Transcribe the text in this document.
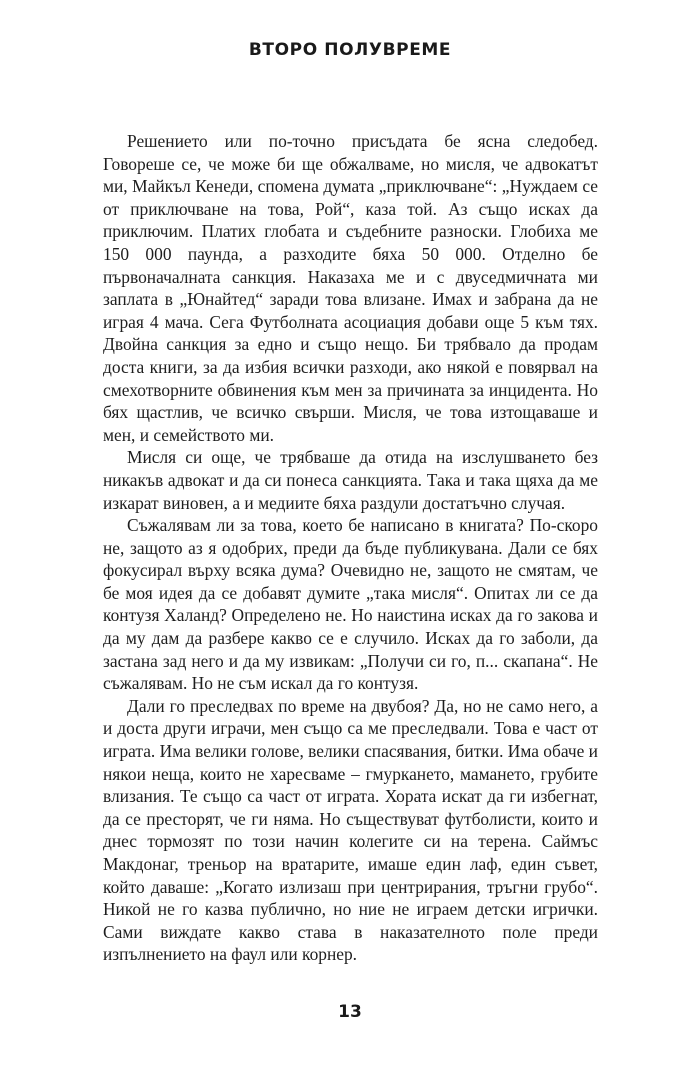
ВТОРО ПОЛУВРЕМЕ

Решението или по-точно присъдата бе ясна следобед. Говореше се, че може би ще обжалваме, но мисля, че адвокатът ми, Майкъл Кенеди, спомена думата „приключване“: „Нуждаем се от приключване на това, Рой“, каза той. Аз също исках да приключим. Платих глобата и съдебните разноски. Глобиха ме 150 000 паунда, а разходите бяха 50 000. Отделно бе първоначалната санкция. Наказаха ме и с двуседмичната ми заплата в „Юнайтед“ заради това влизане. Имах и забрана да не играя 4 мача. Сега Футболната асоциация добави още 5 към тях. Двойна санкция за едно и също нещо. Би трябвало да продам доста книги, за да избия всички разходи, ако някой е повярвал на смехотворните обвинения към мен за причината за инцидента. Но бях щастлив, че всичко свърши. Мисля, че това изтощаваше и мен, и семейството ми.

Мисля си още, че трябваше да отида на изслушването без никакъв адвокат и да си понеса санкцията. Така и така щяха да ме изкарат виновен, а и медиите бяха раздули достатъчно случая.

Съжалявам ли за това, което бе написано в книгата? По-скоро не, защото аз я одобрих, преди да бъде публикувана. Дали се бях фокусирал върху всяка дума? Очевидно не, защото не смятам, че бе моя идея да се добавят думите „така мисля“. Опитах ли се да контузя Халанд? Определено не. Но наистина исках да го закова и да му дам да разбере какво се е случило. Исках да го заболи, да застана зад него и да му извикам: „Получи си го, п... скапана“. Не съжалявам. Но не съм искал да го контузя.

Дали го преследвах по време на двубоя? Да, но не само него, а и доста други играчи, мен също са ме преследвали. Това е част от играта. Има велики голове, велики спасявания, битки. Има обаче и някои неща, които не харесваме – гмуркането, мамането, грубите влизания. Те също са част от играта. Хората искат да ги избегнат, да се престорят, че ги няма. Но съществуват футболисти, които и днес тормозят по този начин колегите си на терена. Саймъс Макдонаг, треньор на вратарите, имаше един лаф, един съвет, който даваше: „Когато излизаш при центрирания, тръгни грубо“. Никой не го казва публично, но ние не играем детски игрички. Сами виждате какво става в наказателното поле преди изпълнението на фаул или корнер.

13
